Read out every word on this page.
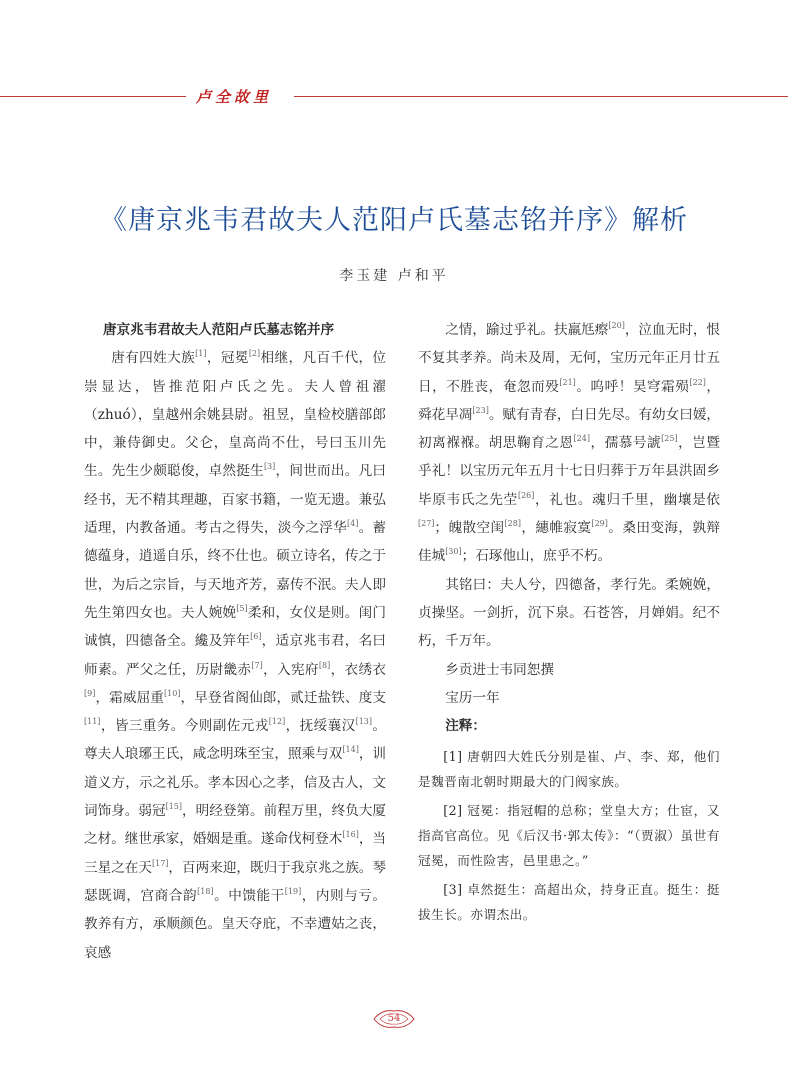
卢全故里
《唐京兆韦君故夫人范阳卢氏墓志铭并序》解析
李玉建 卢和平

唐京兆韦君故夫人范阳卢氏墓志铭并序

唐有四姓大族[1]，冠冕[2]相继，凡百千代，位崇显达，皆推范阳卢氏之先。夫人曾祖濯（zhuó），皇越州余姚县尉。祖昱，皇检校膳部郎中，兼侍御史。父仑，皇高尚不仕，号曰玉川先生。先生少颇聪俊，卓然挺生[3]，间世而出。凡曰经书，无不精其理趣，百家书籍，一览无遗。兼弘适理，内教备通。考古之得失，淡今之浮华[4]。蓄德蕴身，逍遥自乐，终不仕也。硕立诗名，传之于世，为后之宗旨，与天地齐芳，嘉传不泯。夫人即先生第四女也。夫人婉娩[5]柔和，女仪是则。闺门诚慎，四德备全。纔及笄年[6]，适京兆韦君，名曰师素。严父之任，历尉畿赤[7]，入宪府[8]，衣绣衣[9]，霜威屈重[10]，早登省阁仙郎，贰迁盐铁、度支[11]，皆三重务。今则副佐元戎[12]，抚绥襄汉[13]。尊夫人琅琊王氏，咸念明珠至宝，照乘与双[14]，训道义方，示之礼乐。孝本因心之孝，信及古人，文词饰身。弱冠[15]，明经登第。前程万里，终负大厦之材。继世承家，婚姻是重。遂命伐柯登木[16]，当三星之在天[17]，百两来迎，既归于我京兆之族。琴瑟既调，宫商合韵[18]。中馈能干[19]，内则与亏。教养有方，承顺颜色。皇天夺庇，不幸遭姑之丧，哀感

之情，踰过乎礼。扶羸尪瘵[20]，泣血无时，恨不复其孝养。尚未及周，无何，宝历元年正月廿五日，不胜丧，奄忽而殁[21]。呜呼！昊穹霜殒[22]，舜花早凋[23]。赋有青春，白日先尽。有幼女曰媛，初离褓褓。胡思鞠育之恩[24]，孺慕号諕[25]，岂暨乎礼！以宝历元年五月十七日归葬于万年县洪固乡毕原韦氏之先茔[26]，礼也。魂归千里，幽壤是依[27]；魄散空闺[28]，繐帷寂寞[29]。桑田变海，孰辩佳城[30]；石琢他山，庶乎不朽。

其铭曰：夫人兮，四德备，孝行先。柔婉娩，贞操坚。一剑折，沉下泉。石苍答，月婵娟。纪不朽，千万年。

乡贡进士韦同恕撰

宝历一年

注释：

[1] 唐朝四大姓氏分别是崔、卢、李、郑，他们是魏晋南北朝时期最大的门阀家族。

[2] 冠冕：指冠帽的总称；堂皇大方；仕宦，又指高官高位。见《后汉书·郭太传》：“（贾淑）虽世有冠冕，而性险害，邑里患之。”

[3] 卓然挺生：高超出众，持身正直。挺生：挺拔生长。亦谓杰出。

54
